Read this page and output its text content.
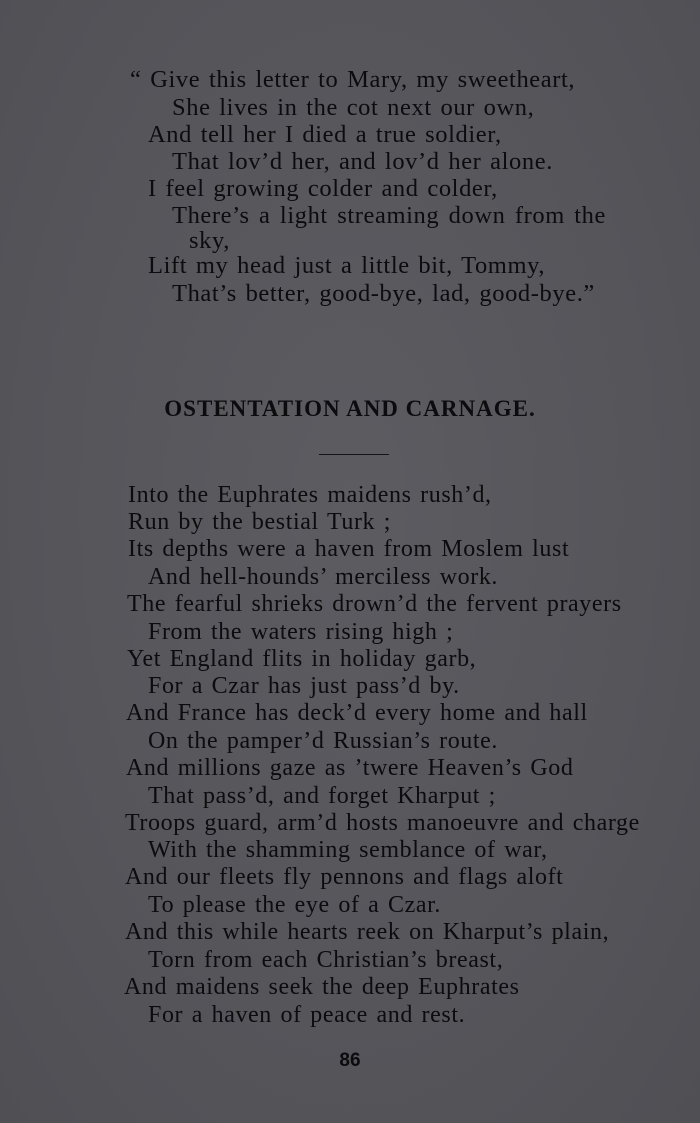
“ Give this letter to Mary, my sweetheart,

She lives in the cot next our own,

And tell her I died a true soldier,

That lov’d her, and lov’d her alone.

I feel growing colder and colder,

There’s a light streaming down from the

sky,

Lift my head just a little bit, Tommy,

That’s better, good-bye, lad, good-bye.”

OSTENTATION AND CARNAGE.

Into the Euphrates maidens rush’d,

Run by the bestial Turk ;

Its depths were a haven from Moslem lust

And hell-hounds’ merciless work.

The fearful shrieks drown’d the fervent prayers

From the waters rising high ;

Yet England flits in holiday garb,

For a Czar has just pass’d by.

And France has deck’d every home and hall

On the pamper’d Russian’s route.

And millions gaze as ’twere Heaven’s God

That pass’d, and forget Kharput ;

Troops guard, arm’d hosts manoeuvre and charge

With the shamming semblance of war,

And our fleets fly pennons and flags aloft

To please the eye of a Czar.

And this while hearts reek on Kharput’s plain,

Torn from each Christian’s breast,

And maidens seek the deep Euphrates

For a haven of peace and rest.

86
